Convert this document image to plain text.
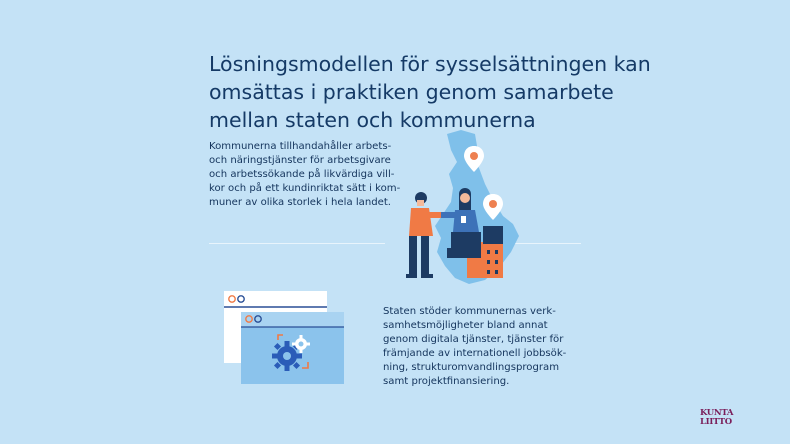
Lösningsmodellen för sysselsättningen kan
omsättas i praktiken genom samarbete
mellan staten och kommunerna
Kommunerna tillhandahåller arbets-
och näringstjänster för arbetsgivare
och arbetssökande på likvärdiga vill-
kor och på ett kundinriktat sätt i kom-
muner av olika storlek i hela landet.
Staten stöder kommunernas verk-
samhetsmöjligheter bland annat
genom digitala tjänster, tjänster för
främjande av internationell jobbsök-
ning, strukturomvandlingsprogram
samt projektfinansiering.
KUNTA
LIITTO
